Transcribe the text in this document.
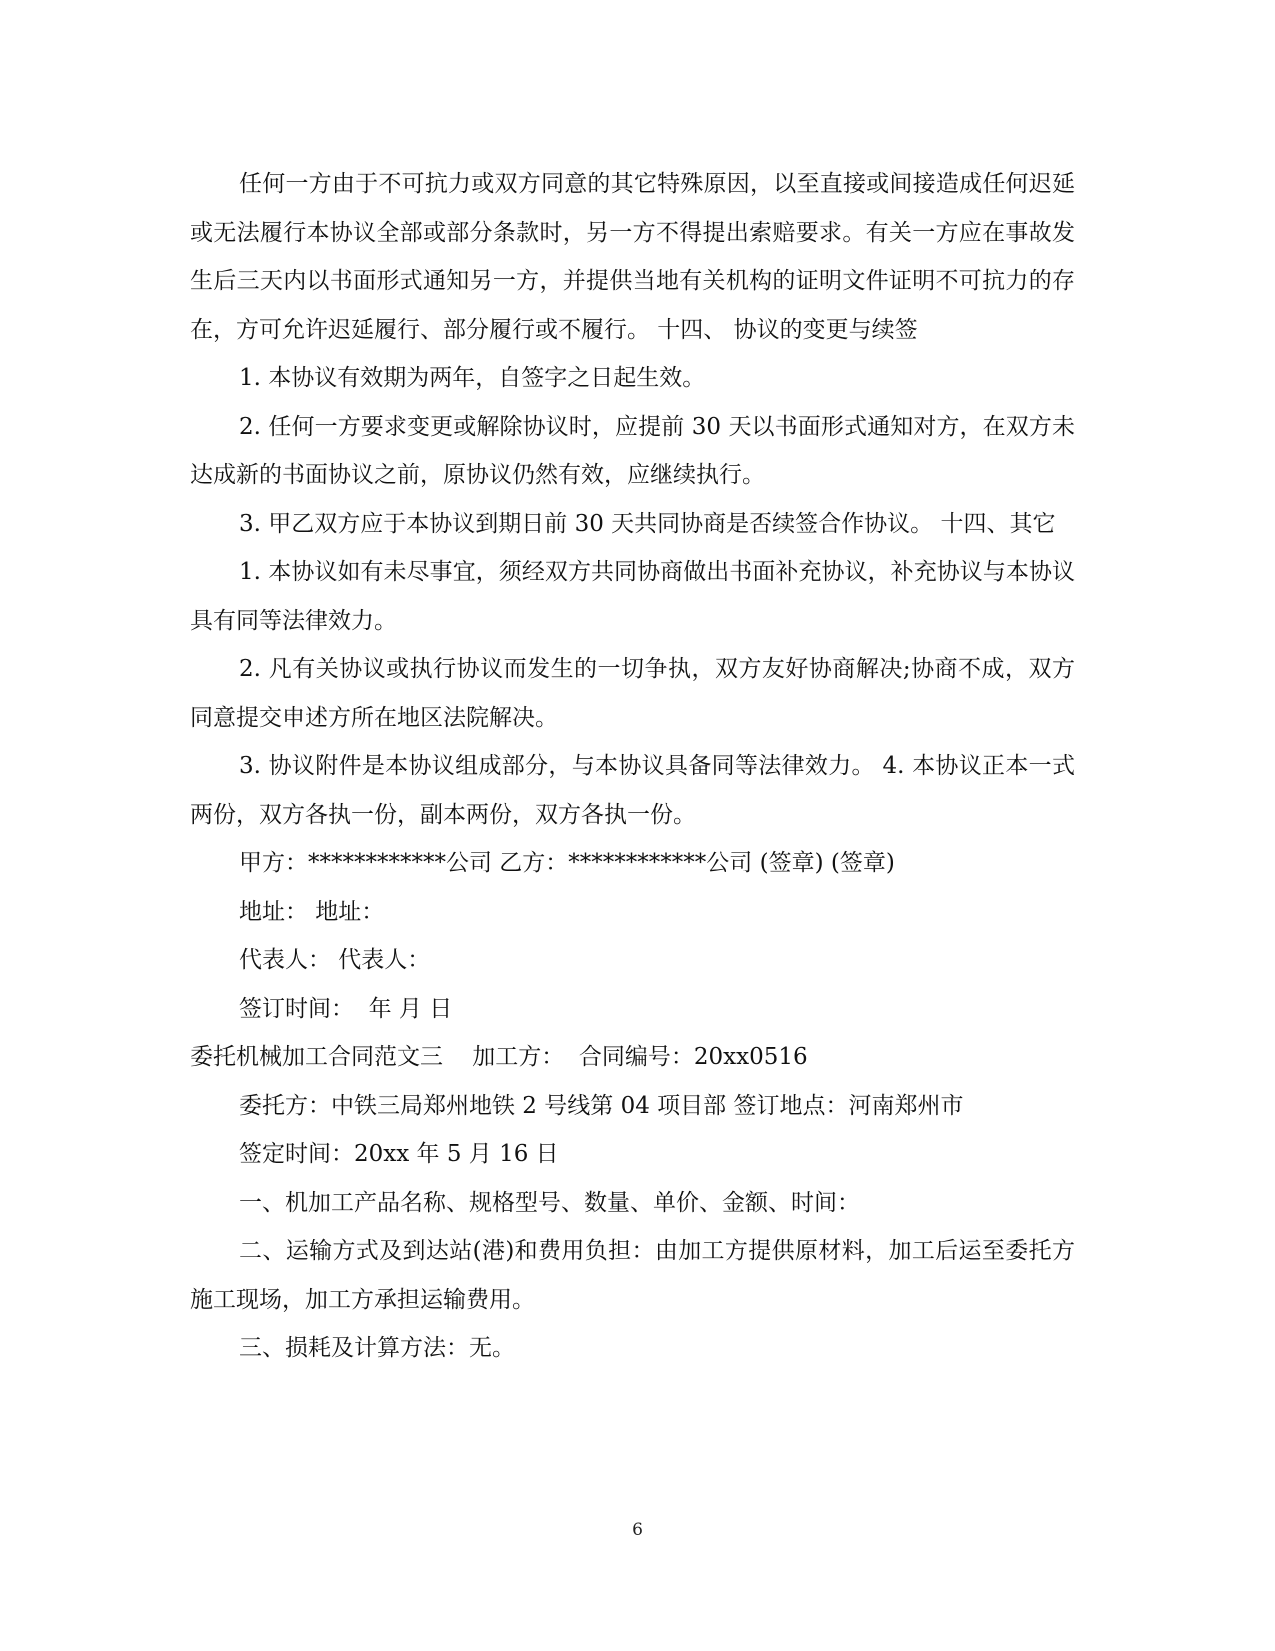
任何一方由于不可抗力或双方同意的其它特殊原因，以至直接或间接造成任何迟延或无法履行本协议全部或部分条款时，另一方不得提出索赔要求。有关一方应在事故发生后三天内以书面形式通知另一方，并提供当地有关机构的证明文件证明不可抗力的存在，方可允许迟延履行、部分履行或不履行。 十四、 协议的变更与续签

1. 本协议有效期为两年，自签字之日起生效。

2. 任何一方要求变更或解除协议时，应提前 30 天以书面形式通知对方，在双方未达成新的书面协议之前，原协议仍然有效，应继续执行。

3. 甲乙双方应于本协议到期日前 30 天共同协商是否续签合作协议。 十四、其它

1. 本协议如有未尽事宜，须经双方共同协商做出书面补充协议，补充协议与本协议具有同等法律效力。

2. 凡有关协议或执行协议而发生的一切争执，双方友好协商解决;协商不成，双方同意提交申述方所在地区法院解决。

3. 协议附件是本协议组成部分，与本协议具备同等法律效力。 4. 本协议正本一式两份，双方各执一份，副本两份，双方各执一份。

甲方：************公司 乙方：************公司 (签章) (签章)

地址： 地址：

代表人： 代表人：

签订时间：  年 月 日

委托机械加工合同范文三    加工方：  合同编号：20xx0516

委托方：中铁三局郑州地铁 2 号线第 04 项目部 签订地点：河南郑州市

签定时间：20xx 年 5 月 16 日

一、机加工产品名称、规格型号、数量、单价、金额、时间：

二、运输方式及到达站(港)和费用负担：由加工方提供原材料，加工后运至委托方施工现场，加工方承担运输费用。

三、损耗及计算方法：无。

6
